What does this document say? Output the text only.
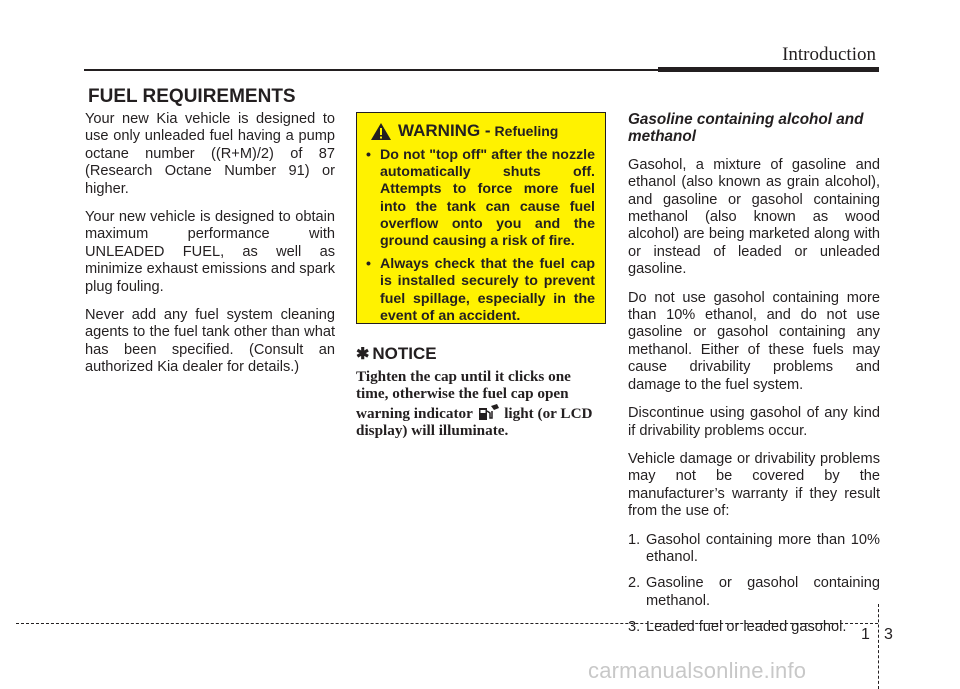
Introduction
FUEL REQUIREMENTS

Your new Kia vehicle is designed to use only unleaded fuel having a pump octane number ((R+M)/2) of 87 (Research Octane Number 91) or higher.

Your new vehicle is designed to obtain maximum performance with UNLEADED FUEL, as well as minimize exhaust emissions and spark plug fouling.

Never add any fuel system cleaning agents to the fuel tank other than what has been specified. (Consult an authorized Kia dealer for details.)

WARNING - Refueling
• Do not "top off" after the nozzle automatically shuts off. Attempts to force more fuel into the tank can cause fuel overflow onto you and the ground causing a risk of fire.
• Always check that the fuel cap is installed securely to prevent fuel spillage, especially in the event of an accident.
✱ NOTICE
Tighten the cap until it clicks one time, otherwise the fuel cap open warning indicator light (or LCD display) will illuminate.
Gasoline containing alcohol and methanol

Gasohol, a mixture of gasoline and ethanol (also known as grain alcohol), and gasoline or gasohol containing methanol (also known as wood alcohol) are being marketed along with or instead of leaded or unleaded gasoline.

Do not use gasohol containing more than 10% ethanol, and do not use gasoline or gasohol containing any methanol. Either of these fuels may cause drivability problems and damage to the fuel system.

Discontinue using gasohol of any kind if drivability problems occur.

Vehicle damage or drivability problems may not be covered by the manufacturer’s warranty if they result from the use of:

1. Gasohol containing more than 10% ethanol.
2. Gasoline or gasohol containing methanol.
3. Leaded fuel or leaded gasohol. 1 3
carmanualsonline.info
